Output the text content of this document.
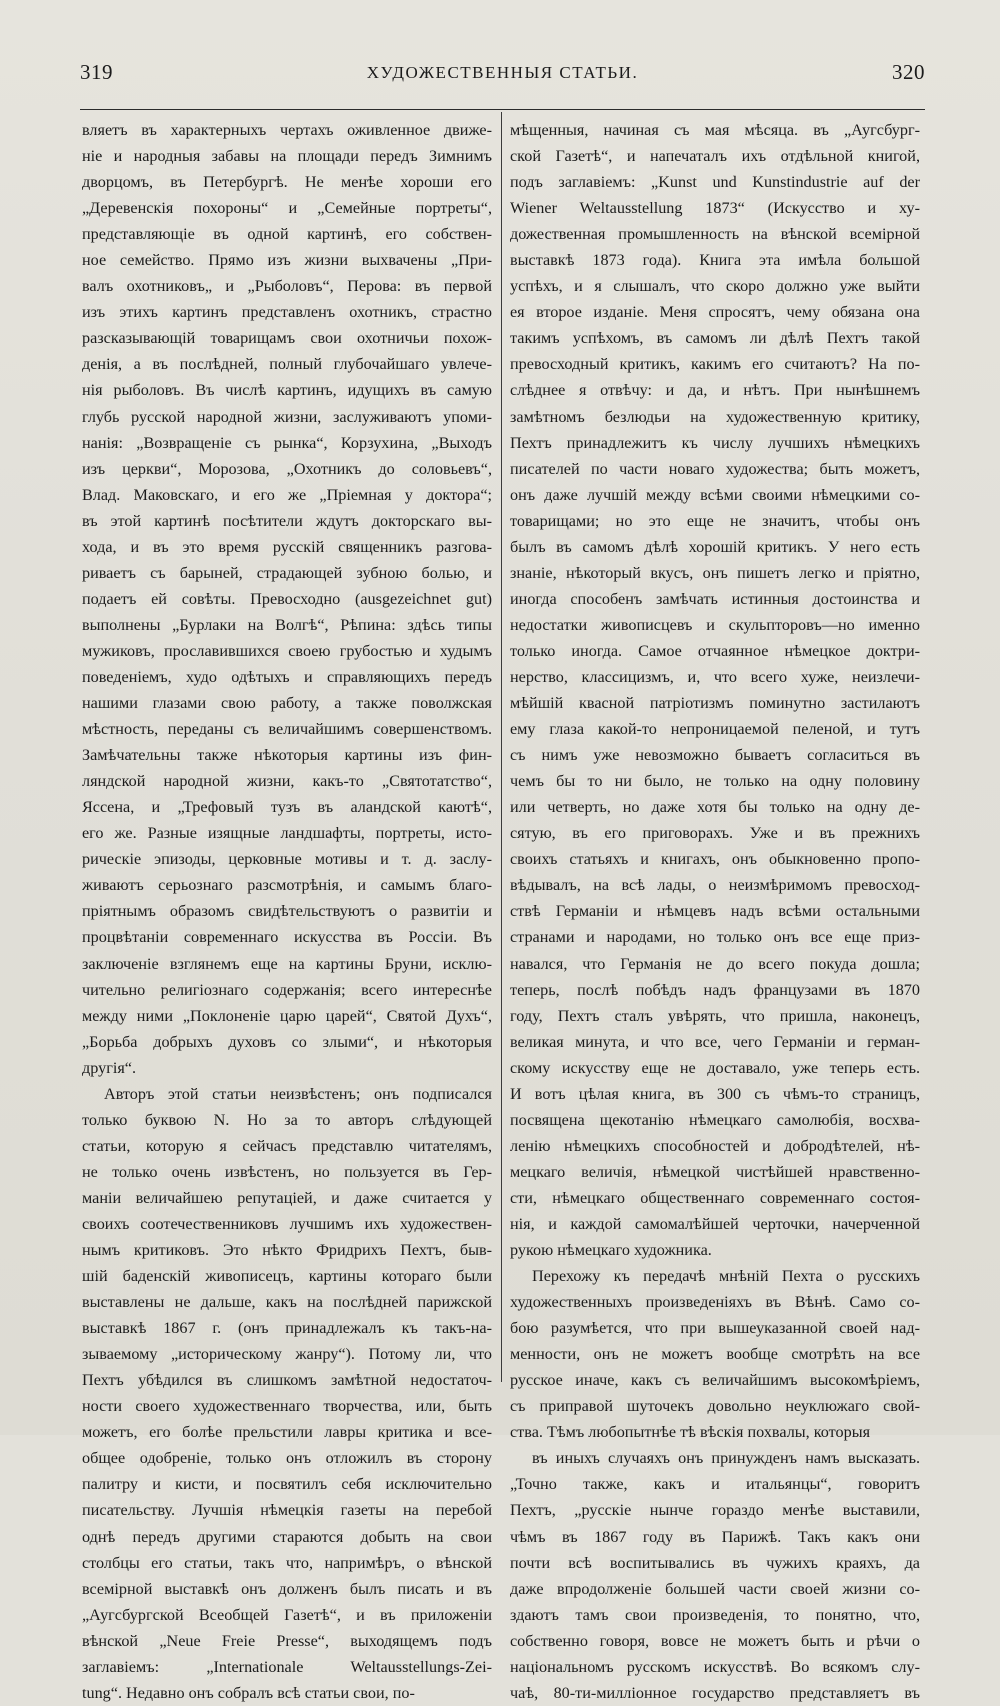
319	ХУДОЖЕСТВЕННЫЯ СТАТЬИ.	320
вляетъ въ характерныхъ чертахъ оживленное движе-
ніе и народныя забавы на площади передъ Зимнимъ
дворцомъ, въ Петербургѣ. Не менѣе хороши его
„Деревенскія похороны“ и „Семейные портреты“,
представляющіе въ одной картинѣ, его собствен-
ное семейство. Прямо изъ жизни выхвачены „При-
валъ охотниковъ„ и „Рыболовъ“, Перова: въ первой
изъ этихъ картинъ представленъ охотникъ, страстно
разсказывающій товарищамъ свои охотничьи похож-
денія, а въ послѣдней, полный глубочайшаго увлече-
нія рыболовъ. Въ числѣ картинъ, идущихъ въ самую
глубь русской народной жизни, заслуживаютъ упоми-
нанія: „Возвращеніе съ рынка“, Корзухина, „Выходъ
изъ церкви“, Морозова, „Охотникъ до соловьевъ“,
Влад. Маковскаго, и его же „Пріемная у доктора“;
въ этой картинѣ посѣтители ждутъ докторскаго вы-
хода, и въ это время русскій священникъ разгова-
риваетъ съ барыней, страдающей зубною болью, и
подаетъ ей совѣты. Превосходно (ausgezeichnet gut)
выполнены „Бурлаки на Волгѣ“, Рѣпина: здѣсь типы
мужиковъ, прославившихся своею грубостью и худымъ
поведеніемъ, худо одѣтыхъ и справляющихъ передъ
нашими глазами свою работу, а также поволжская
мѣстность, переданы съ величайшимъ совершенствомъ.
Замѣчательны также нѣкоторыя картины изъ фин-
ляндской народной жизни, какъ-то „Святотатство“,
Ясcена, и „Трефовый тузъ въ аландской каютѣ“,
его же. Разные изящные ландшафты, портреты, исто-
рическіе эпизоды, церковные мотивы и т. д. заслу-
живаютъ серьознаго разсмотрѣнія, и самымъ благо-
пріятнымъ образомъ свидѣтельствуютъ о развитіи и
процвѣтаніи современнаго искусства въ Россіи. Въ
заключеніе взглянемъ еще на картины Бруни, исклю-
чительно религіознаго содержанія; всего интереснѣе
между ними „Поклоненіе царю царей“, Святой Духъ“,
„Борьба добрыхъ духовъ со злыми“, и нѣкоторыя
другія“.
Авторъ этой статьи неизвѣстенъ; онъ подписался
только буквою N. Но за то авторъ слѣдующей
статьи, которую я сейчасъ представлю читателямъ,
не только очень извѣстенъ, но пользуется въ Гер-
маніи величайшею репутаціей, и даже считается у
своихъ соотечественниковъ лучшимъ ихъ художествен-
нымъ критиковъ. Это нѣкто Фридрихъ Пехтъ, быв-
шій баденскій живописецъ, картины котораго были
выставлены не дальше, какъ на послѣдней парижской
выставкѣ 1867 г. (онъ принадлежалъ къ такъ-на-
зываемому „историческому жанру“). Потому ли, что
Пехтъ убѣдился въ слишкомъ замѣтной недостаточ-
ности своего художественнаго творчества, или, быть
можетъ, его болѣе прельстили лавры критика и все-
общее одобреніе, только онъ отложилъ въ сторону
палитру и кисти, и посвятилъ себя исключительно
писательству. Лучшія нѣмецкія газеты на перебой
однѣ передъ другими стараются добыть на свои
столбцы его статьи, такъ что, напримѣръ, о вѣнской
всемірной выставкѣ онъ долженъ былъ писать и въ
„Аугсбургской Всеобщей Газетѣ“, и въ приложеніи
вѣнской „Neue Freie Presse“, выходящемъ подъ
заглавіемъ: „Internationale Weltausstellungs-Zei-
tung“. Недавно онъ собралъ всѣ статьи свои, по-
мѣщенныя, начиная съ мая мѣсяца. въ „Аугсбург-
ской Газетѣ“, и напечаталъ ихъ отдѣльной книгой,
подъ заглавіемъ: „Kunst und Kunstindustrie auf der
Wiener Weltausstellung 1873“ (Искусство и ху-
дожественная промышленность на вѣнской всемірной
выставкѣ 1873 года). Книга эта имѣла большой
успѣхъ, и я слышалъ, что скоро должно уже выйти
ея второе изданіе. Меня спросятъ, чему обязана она
такимъ успѣхомъ, въ самомъ ли дѣлѣ Пехтъ такой
превосходный критикъ, какимъ его считаютъ? На по-
слѣднее я отвѣчу: и да, и нѣтъ. При нынѣшнемъ
замѣтномъ безлюдьи на художественную критику,
Пехтъ принадлежитъ къ числу лучшихъ нѣмецкихъ
писателей по части новаго художества; быть можетъ,
онъ даже лучшій между всѣми своими нѣмецкими со-
товарищами; но это еще не значитъ, чтобы онъ
былъ въ самомъ дѣлѣ хорошій критикъ. У него есть
знаніе, нѣкоторый вкусъ, онъ пишетъ легко и пріятно,
иногда способенъ замѣчать истинныя достоинства и
недостатки живописцевъ и скульпторовъ—но именно
только иногда. Самое отчаянное нѣмецкое доктри-
нерство, классицизмъ, и, что всего хуже, неизлечи-
мѣйшій квасной патріотизмъ поминутно застилаютъ
ему глаза какой-то непроницаемой пеленой, и тутъ
съ нимъ уже невозможно бываетъ согласиться въ
чемъ бы то ни было, не только на одну половину
или четверть, но даже хотя бы только на одну де-
сятую, въ его приговорахъ. Уже и въ прежнихъ
своихъ статьяхъ и книгахъ, онъ обыкновенно пропо-
вѣдывалъ, на всѣ лады, о неизмѣримомъ превосход-
ствѣ Германіи и нѣмцевъ надъ всѣми остальными
странами и народами, но только онъ все еще приз-
навался, что Германія не до всего покуда дошла;
теперь, послѣ побѣдъ надъ французами въ 1870
году, Пехтъ сталъ увѣрять, что пришла, наконецъ,
великая минута, и что все, чего Германіи и герман-
скому искусству еще не доставало, уже теперь есть.
И вотъ цѣлая книга, въ 300 съ чѣмъ-то страницъ,
посвящена щекотанію нѣмецкаго самолюбія, восхва-
ленію нѣмецкихъ способностей и добродѣтелей, нѣ-
мецкаго величія, нѣмецкой чистѣйшей нравственно-
сти, нѣмецкаго общественнаго современнаго состоя-
нія, и каждой самомалѣйшей черточки, начерченной
рукою нѣмецкаго художника.
Перехожу къ передачѣ мнѣній Пехта о русскихъ
художественныхъ произведеніяхъ въ Вѣнѣ. Само со-
бою разумѣется, что при вышеуказанной своей над-
менности, онъ не можетъ вообще смотрѣть на все
русское иначе, какъ съ величайшимъ высокомѣріемъ,
съ приправой шуточекъ довольно неуклюжаго свой-
ства. Тѣмъ любопытнѣе тѣ вѣскія похвалы, которыя
въ иныхъ случаяхъ онъ принужденъ намъ высказать.
„Точно также, какъ и итальянцы“, говоритъ
Пехтъ, „русскіе нынче гораздо менѣе выставили,
чѣмъ въ 1867 году въ Парижѣ. Такъ какъ они
почти всѣ воспитывались въ чужихъ краяхъ, да
даже впродолженіе большей части своей жизни со-
здаютъ тамъ свои произведенія, то понятно, что,
собственно говоря, вовсе не можетъ быть и рѣчи о
національномъ русскомъ искусствѣ. Во всякомъ слу-
чаѣ, 80-ти-милліонное государство представляетъ въ
